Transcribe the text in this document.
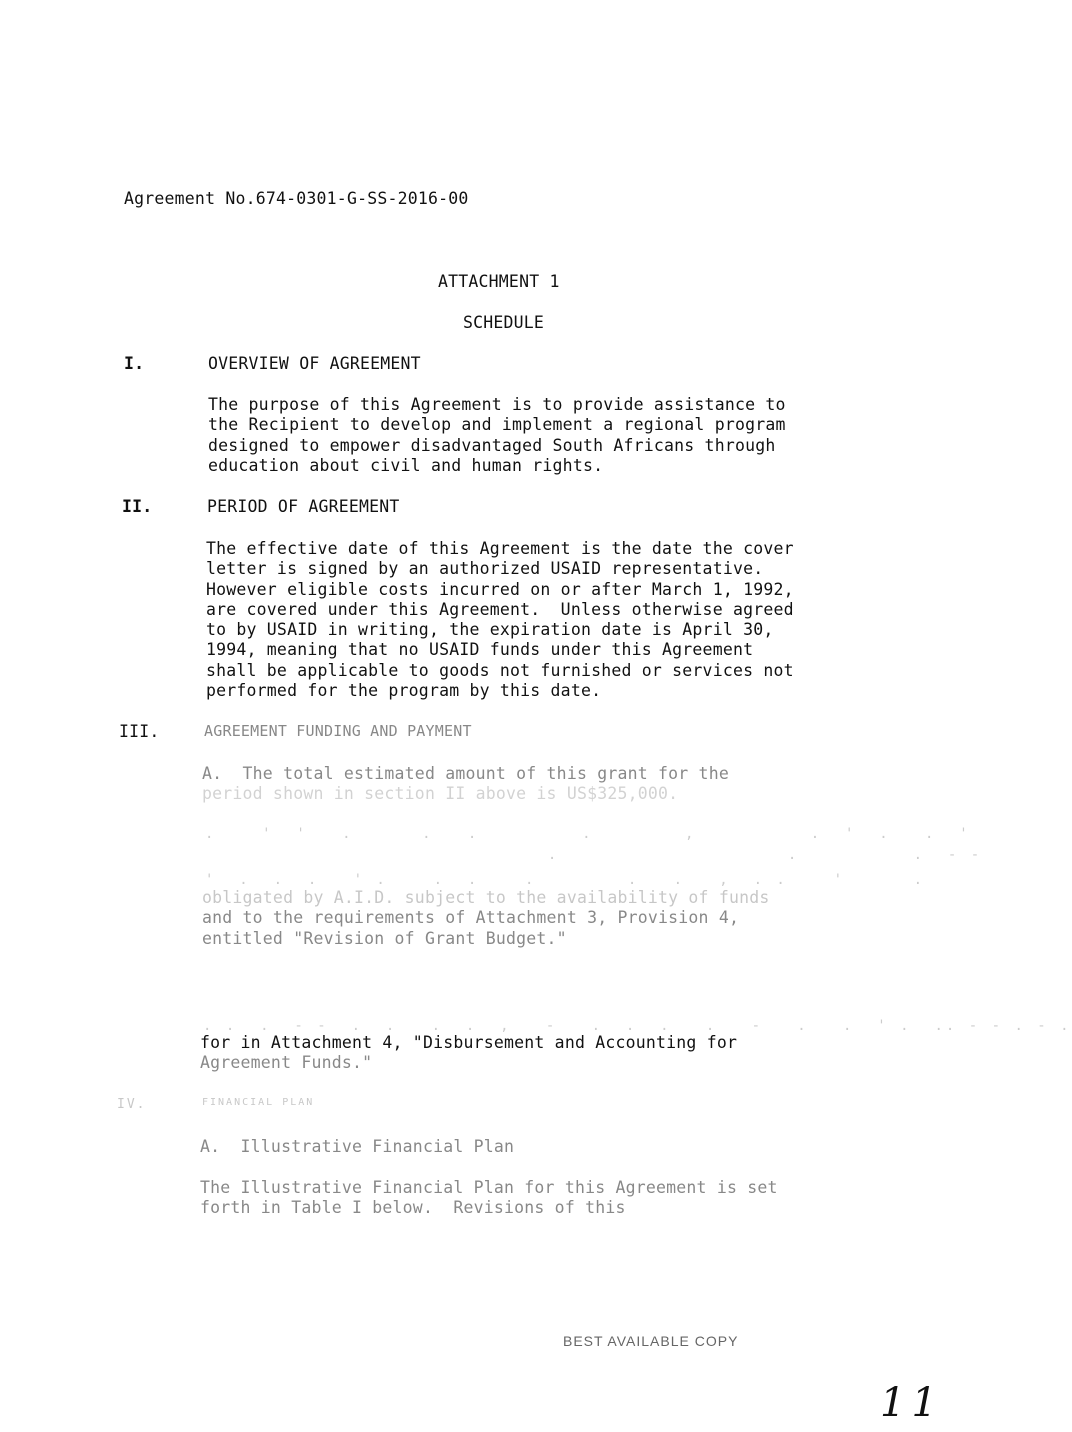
Agreement No.674-0301-G-SS-2016-00
ATTACHMENT 1
SCHEDULE
I.	OVERVIEW OF AGREEMENT
The purpose of this Agreement is to provide assistance to
the Recipient to develop and implement a regional program
designed to empower disadvantaged South Africans through
education about civil and human rights.
II.	PERIOD OF AGREEMENT
The effective date of this Agreement is the date the cover
letter is signed by an authorized USAID representative.
However eligible costs incurred on or after March 1, 1992,
are covered under this Agreement.  Unless otherwise agreed
to by USAID in writing, the expiration date is April 30,
1994, meaning that no USAID funds under this Agreement
shall be applicable to goods not furnished or services not
performed for the program by this date.
III.	AGREEMENT FUNDING AND PAYMENT
A.  The total estimated amount of this grant for the
period shown in section II above is US$325,000.
.    '  '   .      .   .         .        ,          .  '  .   .  '
.                    .          .  - -
'  .  .  .   ' .    .  .    .        .   .   ,  . .    '      .
obligated by A.I.D. subject to the availability of funds
and to the requirements of Attachment 3, Provision 4,
entitled "Revision of Grant Budget."
. .  .  - -  .  .   .  .  ,   -   .  .  .   .   -   .   .  ' .  .. - - . - .
for in Attachment 4, "Disbursement and Accounting for
Agreement Funds."
IV.	FINANCIAL PLAN
A.  Illustrative Financial Plan
The Illustrative Financial Plan for this Agreement is set
forth in Table I below.  Revisions of this
BEST AVAILABLE COPY
11
